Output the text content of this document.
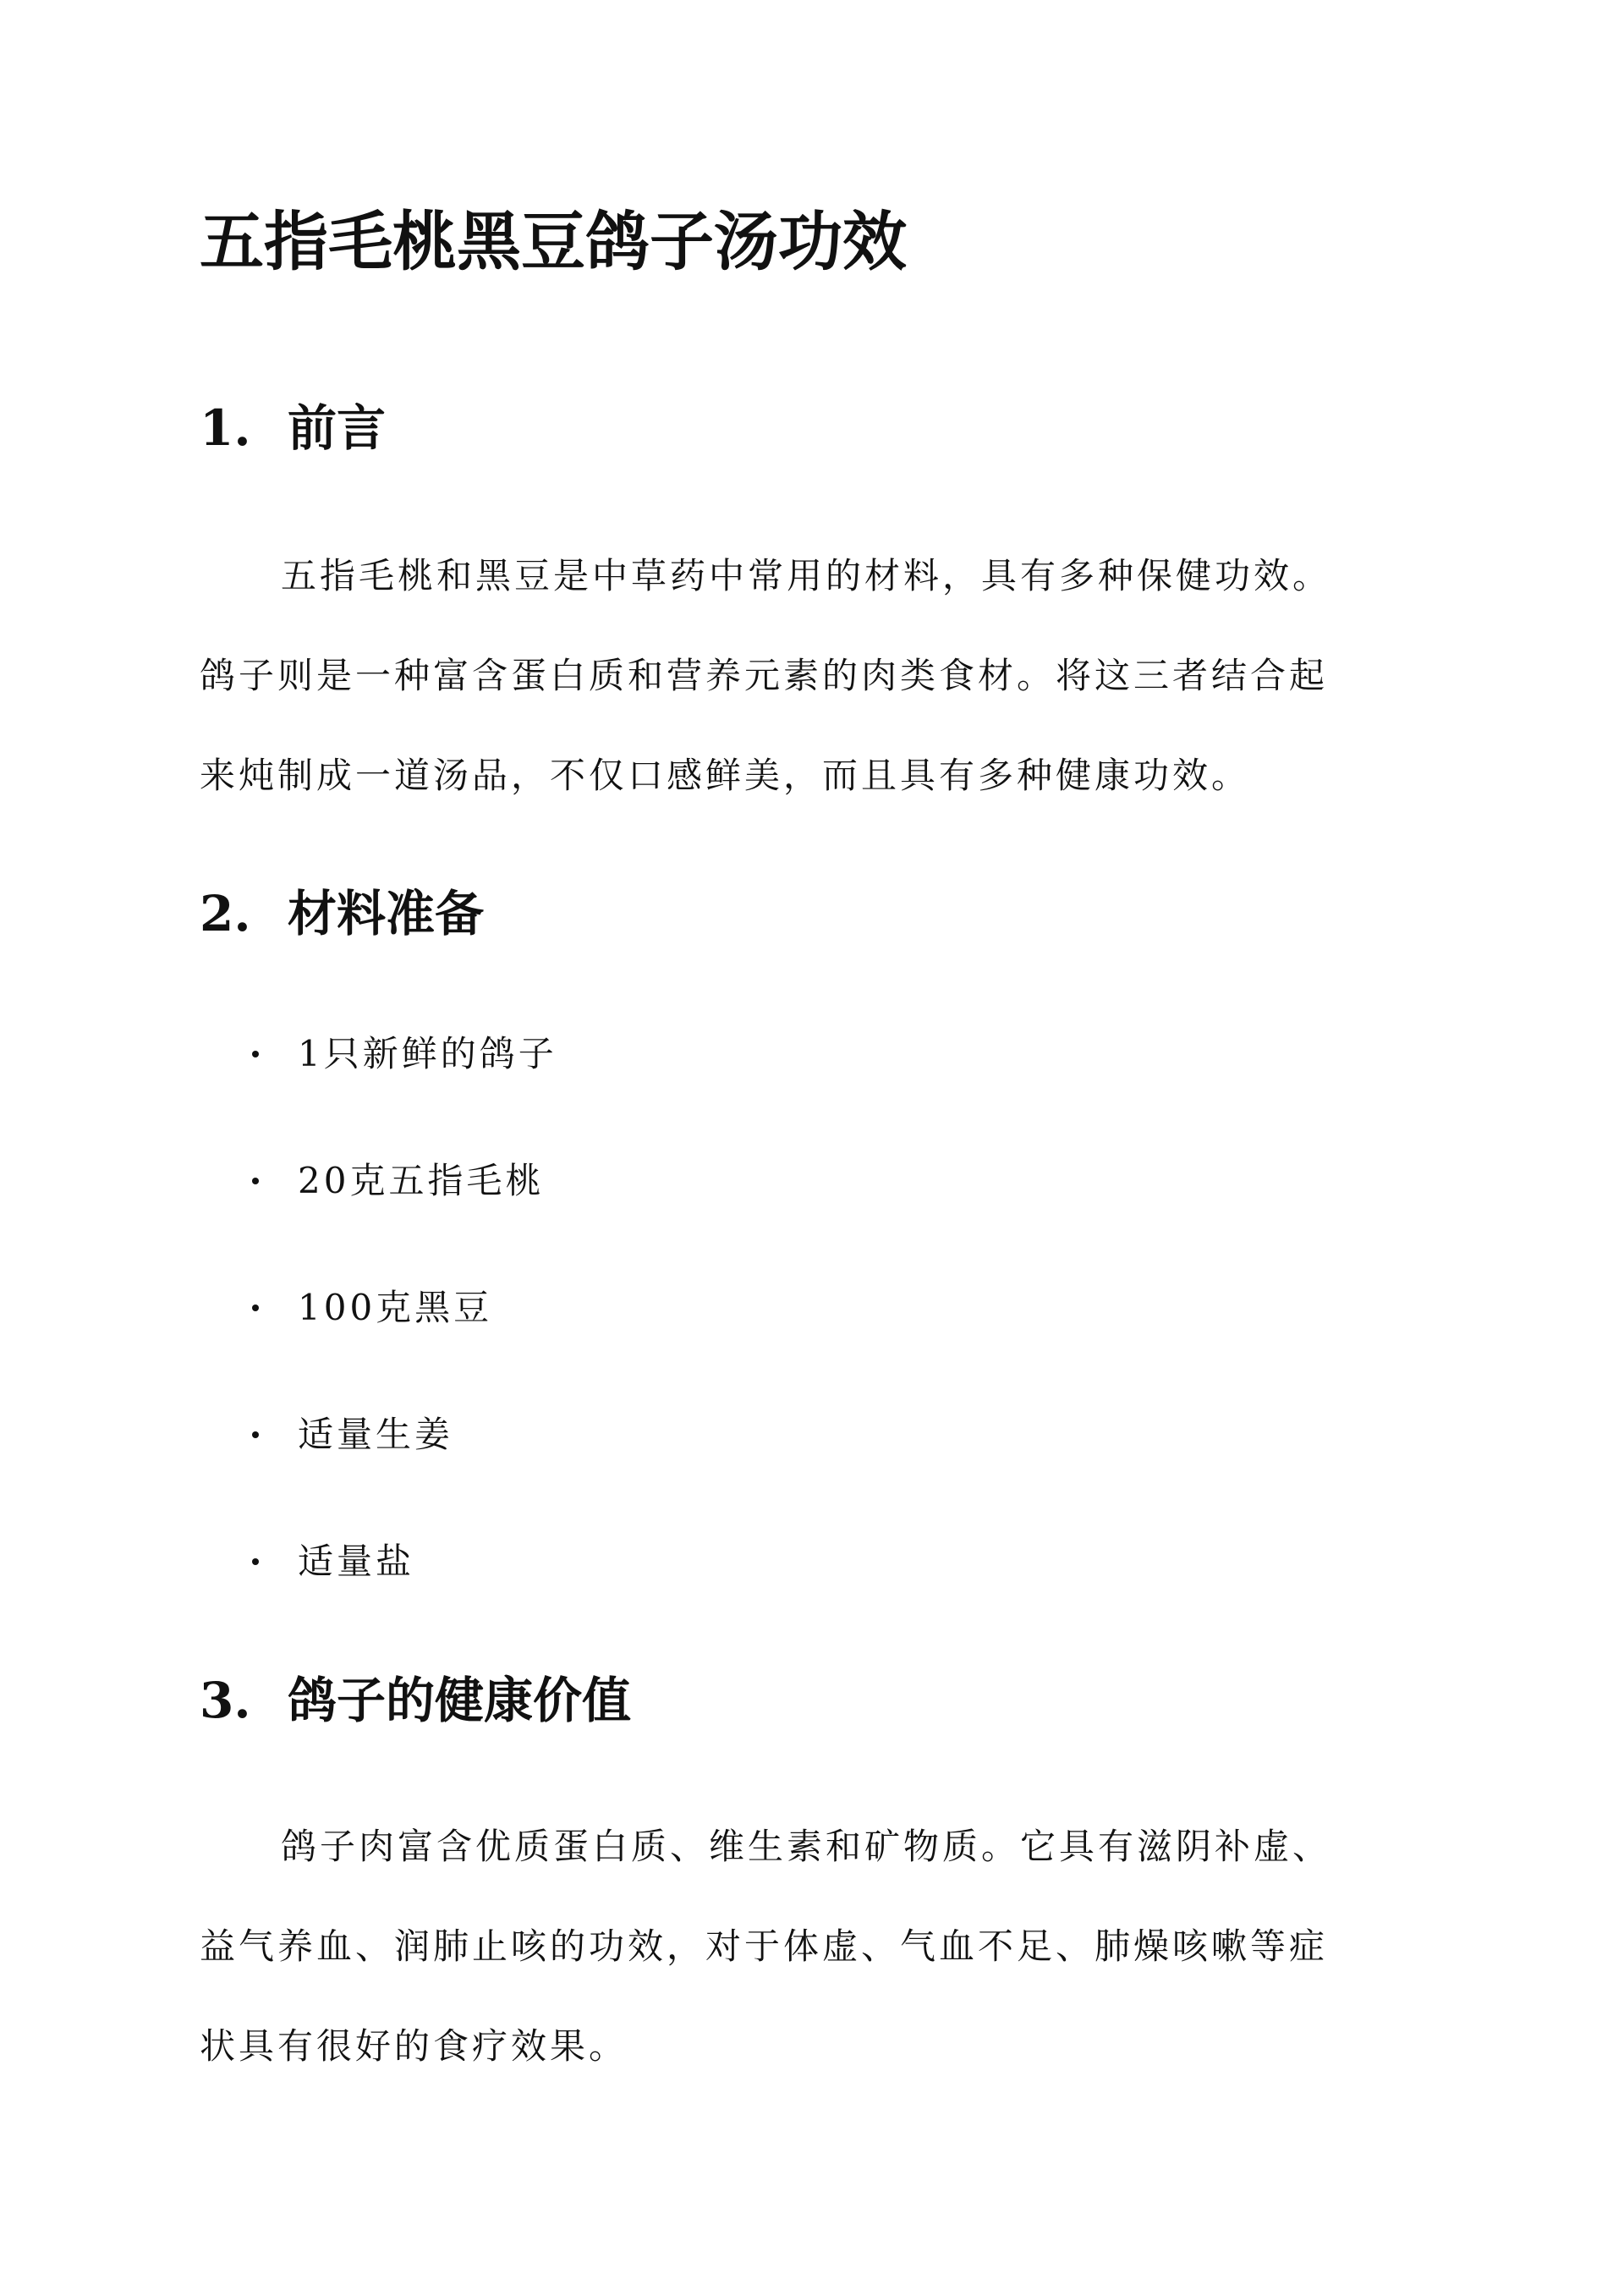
五指毛桃黑豆鸽子汤功效
1. 前言
五指毛桃和黑豆是中草药中常用的材料，具有多种保健功效。
鸽子则是一种富含蛋白质和营养元素的肉类食材。将这三者结合起
来炖制成一道汤品，不仅口感鲜美，而且具有多种健康功效。
2. 材料准备
1只新鲜的鸽子
20克五指毛桃
100克黑豆
适量生姜
适量盐
3. 鸽子的健康价值
鸽子肉富含优质蛋白质、维生素和矿物质。它具有滋阴补虚、
益气养血、润肺止咳的功效，对于体虚、气血不足、肺燥咳嗽等症
状具有很好的食疗效果。
